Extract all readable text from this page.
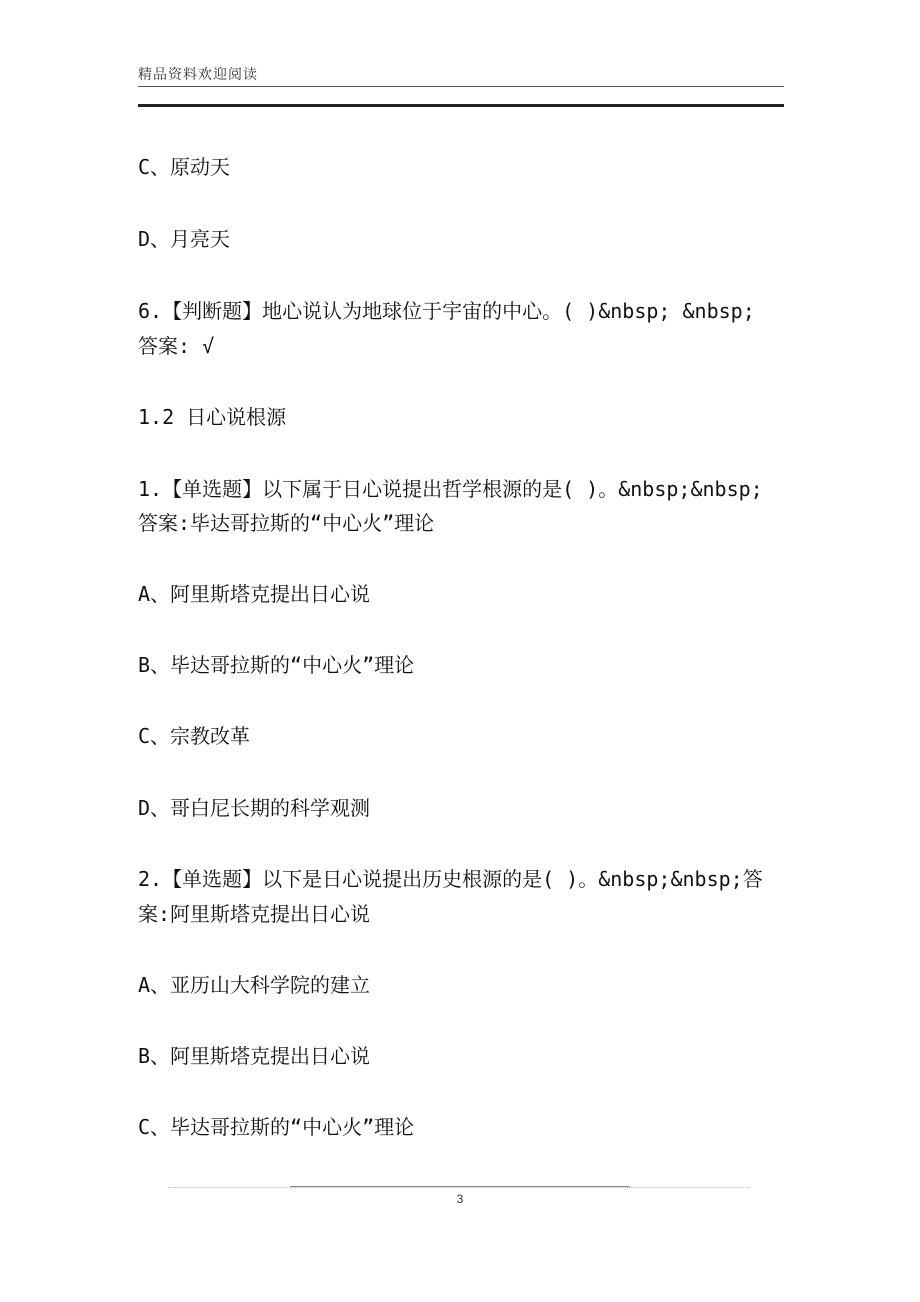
精品资料欢迎阅读
C、原动天
D、月亮天
6.【判断题】地心说认为地球位于宇宙的中心。( )&nbsp; &nbsp;
答案: √
1.2 日心说根源
1.【单选题】以下属于日心说提出哲学根源的是( )。&nbsp;&nbsp;
答案:毕达哥拉斯的“中心火”理论
A、阿里斯塔克提出日心说
B、毕达哥拉斯的“中心火”理论
C、宗教改革
D、哥白尼长期的科学观测
2.【单选题】以下是日心说提出历史根源的是( )。&nbsp;&nbsp;答
案:阿里斯塔克提出日心说
A、亚历山大科学院的建立
B、阿里斯塔克提出日心说
C、毕达哥拉斯的“中心火”理论
3
